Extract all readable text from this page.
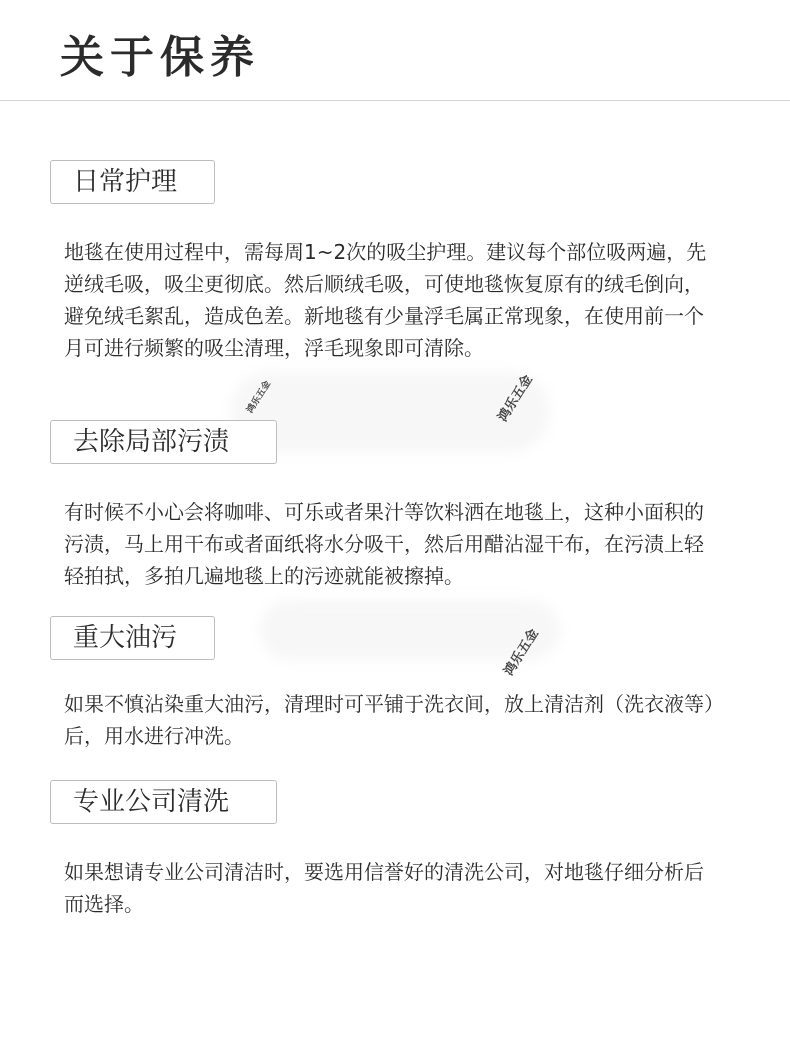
关于保养
日常护理

地毯在使用过程中，需每周1~2次的吸尘护理。建议每个部位吸两遍，先逆绒毛吸，吸尘更彻底。然后顺绒毛吸，可使地毯恢复原有的绒毛倒向，避免绒毛絮乱，造成色差。新地毯有少量浮毛属正常现象，在使用前一个月可进行频繁的吸尘清理，浮毛现象即可清除。

去除局部污渍

有时候不小心会将咖啡、可乐或者果汁等饮料洒在地毯上，这种小面积的污渍，马上用干布或者面纸将水分吸干，然后用醋沾湿干布，在污渍上轻轻拍拭，多拍几遍地毯上的污迹就能被擦掉。

重大油污

如果不慎沾染重大油污，清理时可平铺于洗衣间，放上清洁剂（洗衣液等）后，用水进行冲洗。

专业公司清洗

如果想请专业公司清洁时，要选用信誉好的清洗公司，对地毯仔细分析后而选择。

鸿乐五金	鸿乐五金
鸿乐五金
